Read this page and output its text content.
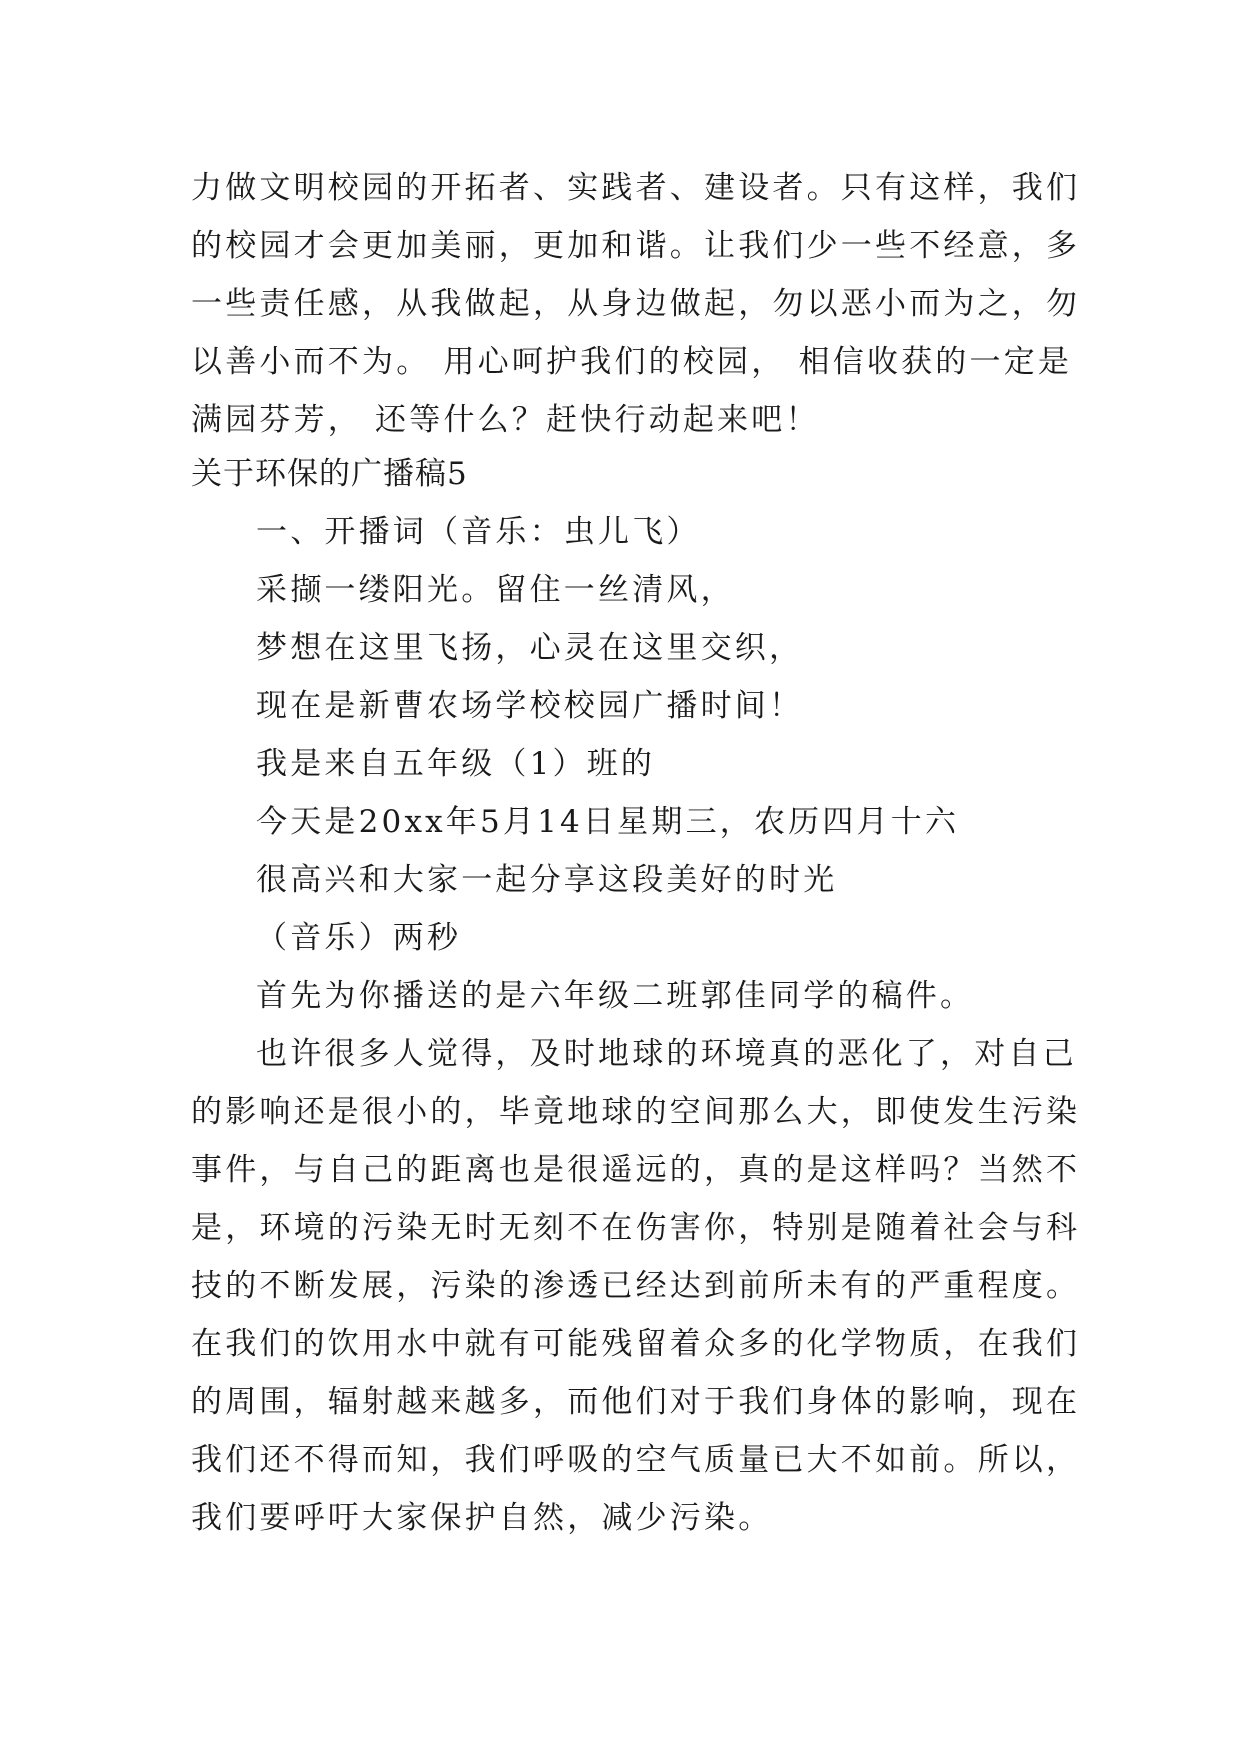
力做文明校园的开拓者、实践者、建设者。只有这样，我们
的校园才会更加美丽，更加和谐。让我们少一些不经意，多
一些责任感，从我做起，从身边做起，勿以恶小而为之，勿
以善小而不为。 用心呵护我们的校园， 相信收获的一定是
满园芬芳， 还等什么？赶快行动起来吧！
关于环保的广播稿5
一、开播词（音乐：虫儿飞）
采撷一缕阳光。留住一丝清风，
梦想在这里飞扬，心灵在这里交织，
现在是新曹农场学校校园广播时间！
我是来自五年级（1）班的
今天是20xx年5月14日星期三，农历四月十六
很高兴和大家一起分享这段美好的时光
（音乐）两秒
首先为你播送的是六年级二班郭佳同学的稿件。
也许很多人觉得，及时地球的环境真的恶化了，对自己
的影响还是很小的，毕竟地球的空间那么大，即使发生污染
事件，与自己的距离也是很遥远的，真的是这样吗？当然不
是，环境的污染无时无刻不在伤害你，特别是随着社会与科
技的不断发展，污染的渗透已经达到前所未有的严重程度。
在我们的饮用水中就有可能残留着众多的化学物质，在我们
的周围，辐射越来越多，而他们对于我们身体的影响，现在
我们还不得而知，我们呼吸的空气质量已大不如前。所以，
我们要呼吁大家保护自然，减少污染。
